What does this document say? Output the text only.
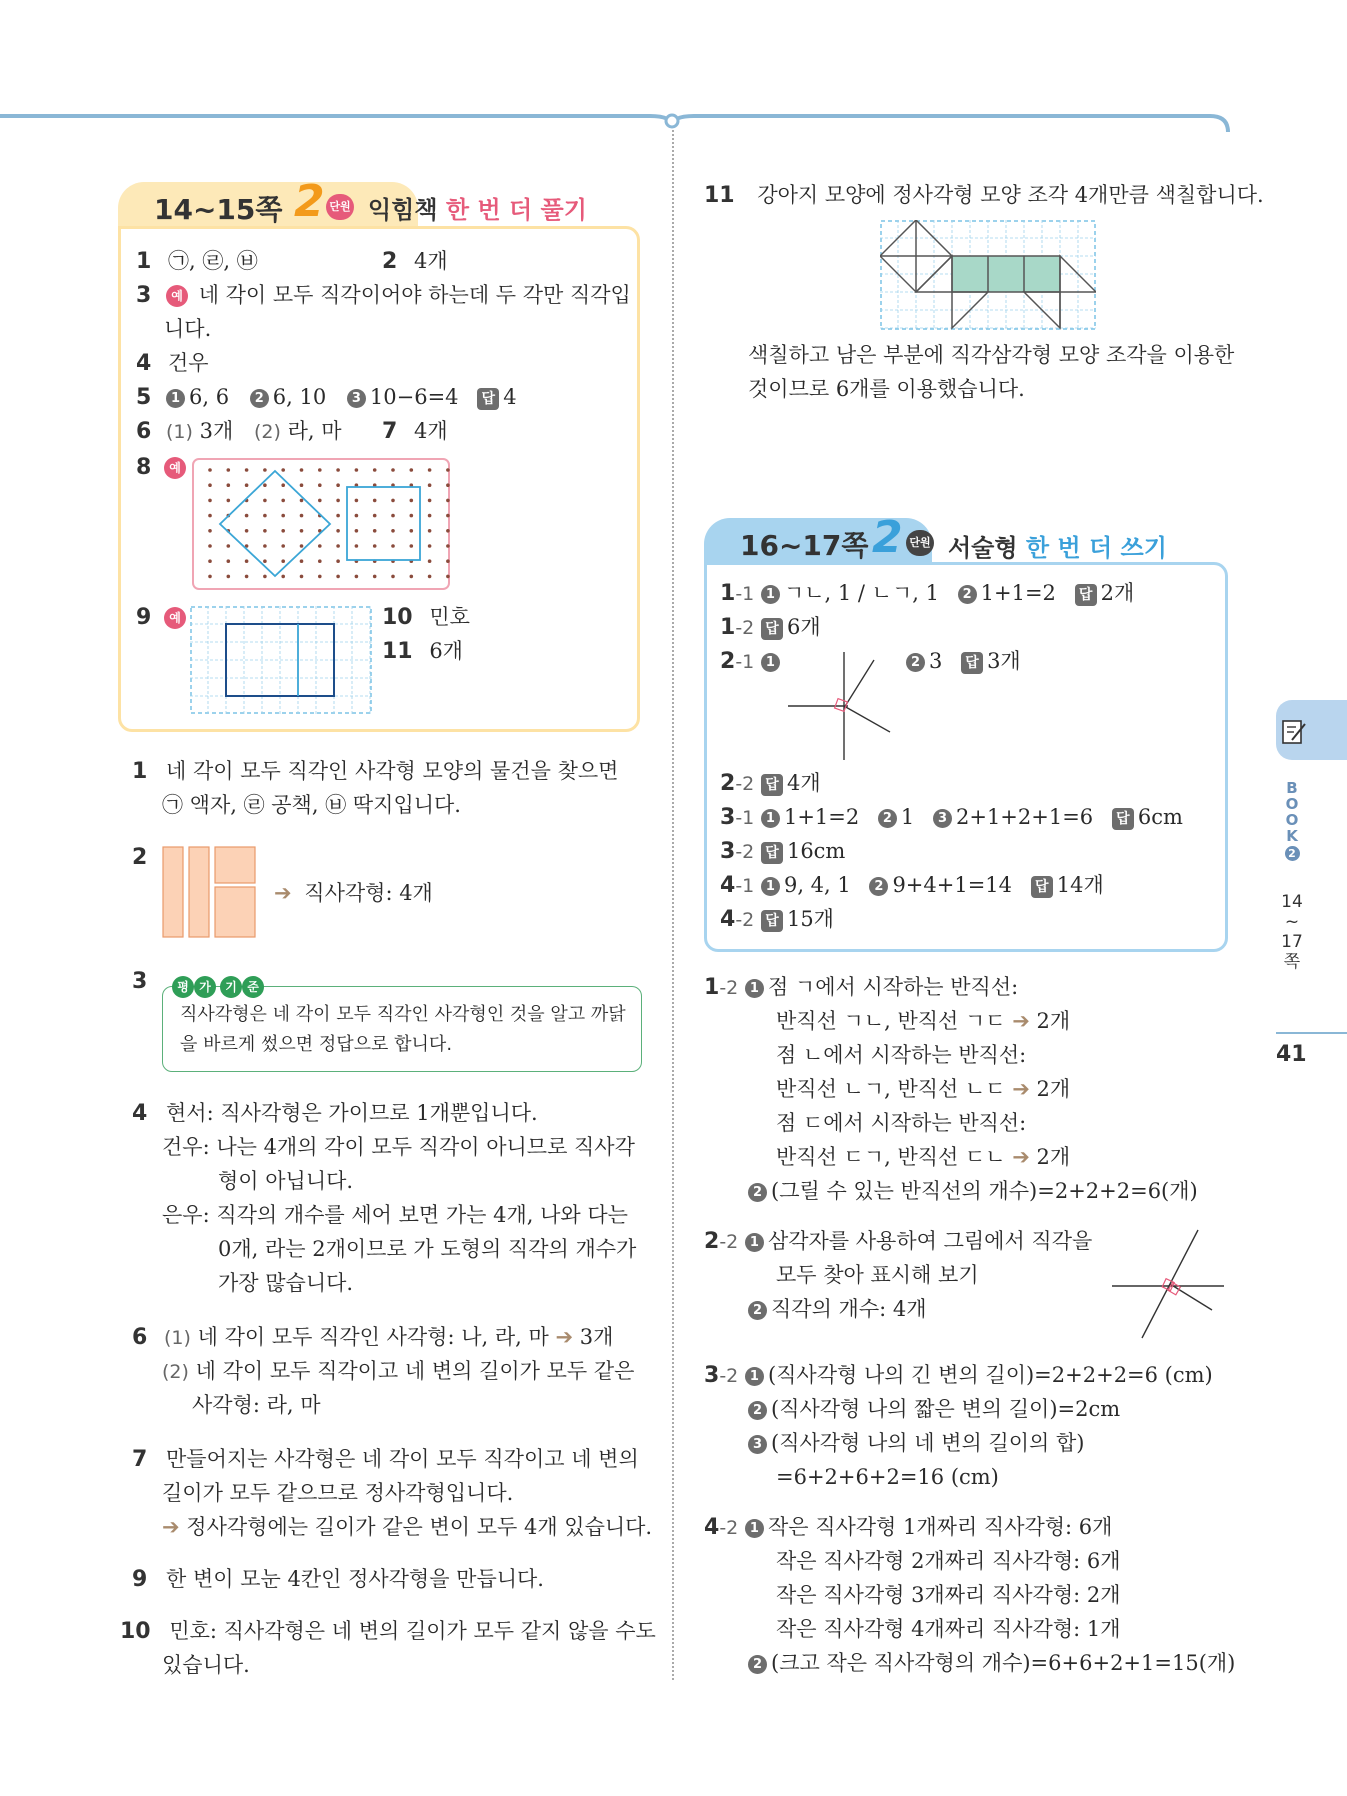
14~15쪽 2 단원 익힘책 한 번 더 풀기
1 ㉠, ㉣, ㉥	2 4개
3 예 네 각이 모두 직각이어야 하는데 두 각만 직각입
니다.
4 건우
5 1 6, 6 2 6, 10 3 10−6=4 답 4
6 (1) 3개 (2) 라, 마 7 4개
8 예
9 예	10 민호
11 6개
1 네 각이 모두 직각인 사각형 모양의 물건을 찾으면
㉠ 액자, ㉣ 공책, ㉥ 딱지입니다.
2
➔ 직사각형: 4개
3	평 가 기 준
직사각형은 네 각이 모두 직각인 사각형인 것을 알고 까닭
을 바르게 썼으면 정답으로 합니다.
4 현서: 직사각형은 가이므로 1개뿐입니다.
건우: 나는 4개의 각이 모두 직각이 아니므로 직사각
형이 아닙니다.
은우: 직각의 개수를 세어 보면 가는 4개, 나와 다는
0개, 라는 2개이므로 가 도형의 직각의 개수가
가장 많습니다.
6 (1) 네 각이 모두 직각인 사각형: 나, 라, 마 ➔ 3개
(2) 네 각이 모두 직각이고 네 변의 길이가 모두 같은
사각형: 라, 마
7 만들어지는 사각형은 네 각이 모두 직각이고 네 변의
길이가 모두 같으므로 정사각형입니다.
➔ 정사각형에는 길이가 같은 변이 모두 4개 있습니다.
9 한 변이 모눈 4칸인 정사각형을 만듭니다.
10 민호: 직사각형은 네 변의 길이가 모두 같지 않을 수도
있습니다.
11 강아지 모양에 정사각형 모양 조각 4개만큼 색칠합니다.
색칠하고 남은 부분에 직각삼각형 모양 조각을 이용한
것이므로 6개를 이용했습니다.
16~17쪽 2 단원 서술형 한 번 더 쓰기
1-1 1 ㄱㄴ, 1 / ㄴㄱ, 1 2 1+1=2 답 2개
1-2 답 6개
2-1 1	2 3 답 3개
2-2 답 4개
3-1 1 1+1=2 2 1 3 2+1+2+1=6 답 6cm
3-2 답 16cm
4-1 1 9, 4, 1 2 9+4+1=14 답 14개
4-2 답 15개
1-2 1 점 ㄱ에서 시작하는 반직선:
반직선 ㄱㄴ, 반직선 ㄱㄷ ➔ 2개
점 ㄴ에서 시작하는 반직선:
반직선 ㄴㄱ, 반직선 ㄴㄷ ➔ 2개
점 ㄷ에서 시작하는 반직선:
반직선 ㄷㄱ, 반직선 ㄷㄴ ➔ 2개
2 (그릴 수 있는 반직선의 개수)=2+2+2=6(개)
2-2 1 삼각자를 사용하여 그림에서 직각을
모두 찾아 표시해 보기
2 직각의 개수: 4개
3-2 1 (직사각형 나의 긴 변의 길이)=2+2+2=6 (cm)
2 (직사각형 나의 짧은 변의 길이)=2cm
3 (직사각형 나의 네 변의 길이의 합)
=6+2+6+2=16 (cm)
4-2 1 작은 직사각형 1개짜리 직사각형: 6개
작은 직사각형 2개짜리 직사각형: 6개
작은 직사각형 3개짜리 직사각형: 2개
작은 직사각형 4개짜리 직사각형: 1개
2 (크고 작은 직사각형의 개수)=6+6+2+1=15(개)
B
O
O
K
2
14
~
17
쪽
41
